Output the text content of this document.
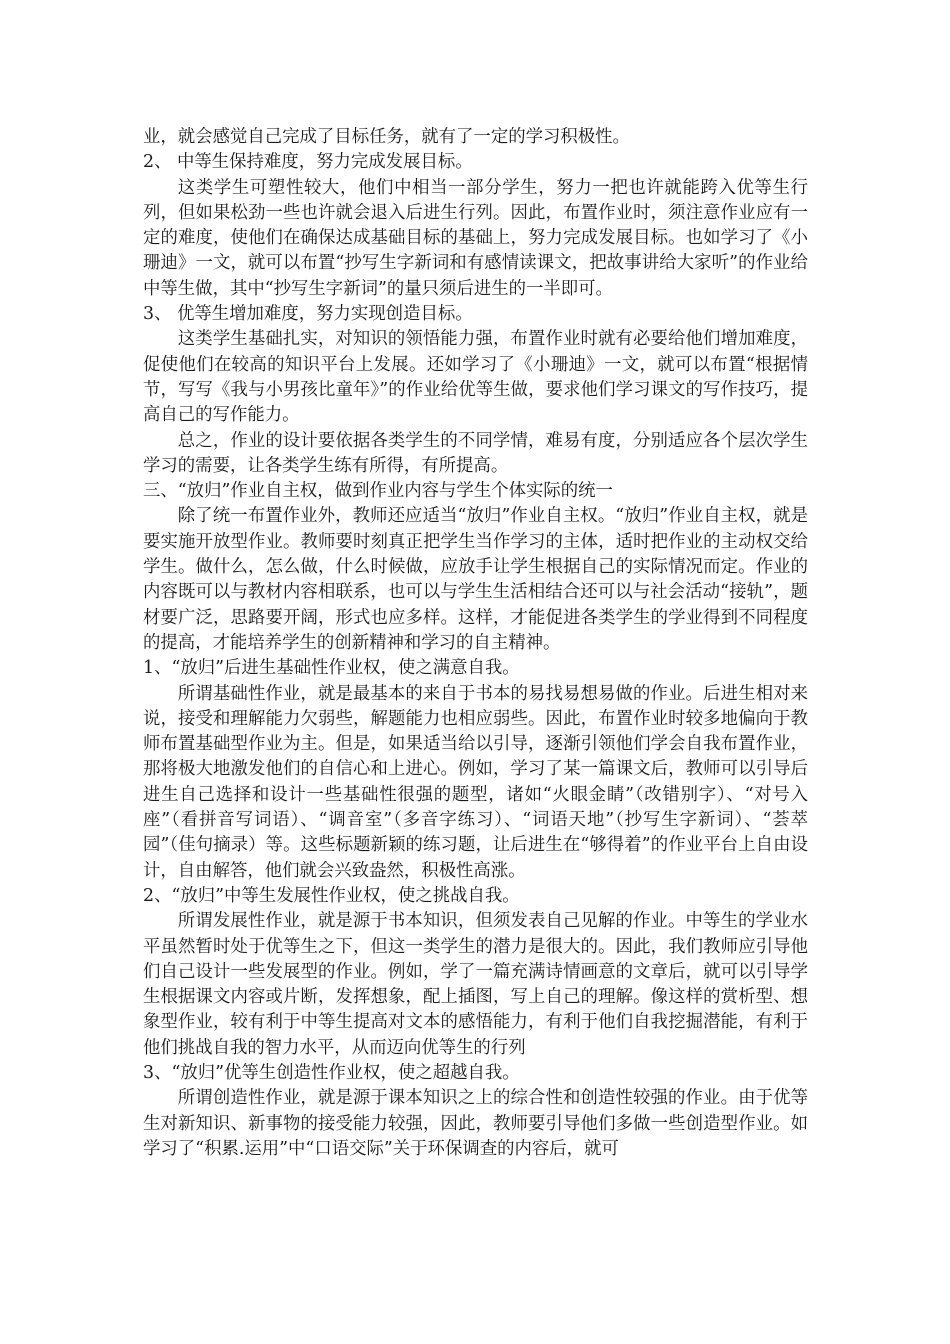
业，就会感觉自己完成了目标任务，就有了一定的学习积极性。

2、 中等生保持难度，努力完成发展目标。

这类学生可塑性较大，他们中相当一部分学生，努力一把也许就能跨入优等生行列，但如果松劲一些也许就会退入后进生行列。因此，布置作业时，须注意作业应有一定的难度，使他们在确保达成基础目标的基础上，努力完成发展目标。也如学习了《小珊迪》一文，就可以布置“抄写生字新词和有感情读课文，把故事讲给大家听”的作业给中等生做，其中“抄写生字新词”的量只须后进生的一半即可。

3、 优等生增加难度，努力实现创造目标。

这类学生基础扎实，对知识的领悟能力强，布置作业时就有必要给他们增加难度，促使他们在较高的知识平台上发展。还如学习了《小珊迪》一文，就可以布置“根据情节，写写《我与小男孩比童年》”的作业给优等生做，要求他们学习课文的写作技巧，提高自己的写作能力。

总之，作业的设计要依据各类学生的不同学情，难易有度，分别适应各个层次学生学习的需要，让各类学生练有所得，有所提高。

三、“放归”作业自主权，做到作业内容与学生个体实际的统一

除了统一布置作业外，教师还应适当“放归”作业自主权。“放归”作业自主权，就是要实施开放型作业。教师要时刻真正把学生当作学习的主体，适时把作业的主动权交给学生。做什么，怎么做，什么时候做，应放手让学生根据自己的实际情况而定。作业的内容既可以与教材内容相联系，也可以与学生生活相结合还可以与社会活动“接轨”，题材要广泛，思路要开阔，形式也应多样。这样，才能促进各类学生的学业得到不同程度的提高，才能培养学生的创新精神和学习的自主精神。

1、“放归”后进生基础性作业权，使之满意自我。

所谓基础性作业，就是最基本的来自于书本的易找易想易做的作业。后进生相对来说，接受和理解能力欠弱些，解题能力也相应弱些。因此，布置作业时较多地偏向于教师布置基础型作业为主。但是，如果适当给以引导，逐渐引领他们学会自我布置作业，那将极大地激发他们的自信心和上进心。例如，学习了某一篇课文后，教师可以引导后进生自己选择和设计一些基础性很强的题型，诸如“火眼金睛”（改错别字）、“对号入座”（看拼音写词语）、“调音室”（多音字练习）、“词语天地”（抄写生字新词）、“荟萃园”（佳句摘录）等。这些标题新颖的练习题，让后进生在“够得着”的作业平台上自由设计，自由解答，他们就会兴致盎然，积极性高涨。

2、“放归”中等生发展性作业权，使之挑战自我。

所谓发展性作业，就是源于书本知识，但须发表自己见解的作业。中等生的学业水平虽然暂时处于优等生之下，但这一类学生的潜力是很大的。因此，我们教师应引导他们自己设计一些发展型的作业。例如，学了一篇充满诗情画意的文章后，就可以引导学生根据课文内容或片断，发挥想象，配上插图，写上自己的理解。像这样的赏析型、想象型作业，较有利于中等生提高对文本的感悟能力，有利于他们自我挖掘潜能，有利于他们挑战自我的智力水平，从而迈向优等生的行列

3、“放归”优等生创造性作业权，使之超越自我。

所谓创造性作业，就是源于课本知识之上的综合性和创造性较强的作业。由于优等生对新知识、新事物的接受能力较强，因此，教师要引导他们多做一些创造型作业。如学习了“积累.运用”中“口语交际”关于环保调查的内容后，就可
